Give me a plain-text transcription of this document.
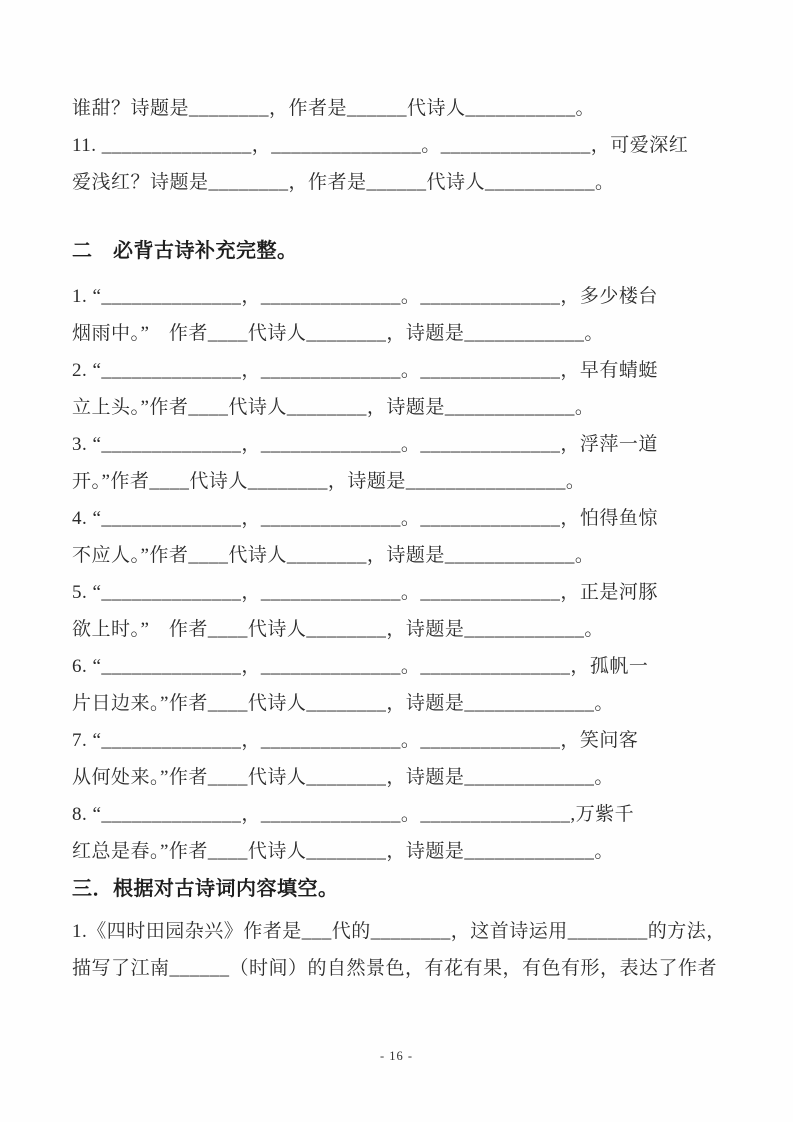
谁甜？诗题是________，作者是______代诗人___________。
11. _______________，_______________。_______________，可爱深红
爱浅红？诗题是________，作者是______代诗人___________。
二　必背古诗补充完整。
1. “______________，______________。______________，多少楼台
烟雨中。”　作者____代诗人________，诗题是____________。
2. “______________，______________。______________，早有蜻蜓
立上头。”作者____代诗人________，诗题是_____________。
3. “______________，______________。______________，浮萍一道
开。”作者____代诗人________，诗题是________________。
4. “______________，______________。______________，怕得鱼惊
不应人。”作者____代诗人________，诗题是_____________。
5. “______________，______________。______________，正是河豚
欲上时。”　作者____代诗人________，诗题是____________。
6. “______________，______________。_______________，孤帆一
片日边来。”作者____代诗人________，诗题是_____________。
7. “______________，______________。______________，笑问客
从何处来。”作者____代诗人________，诗题是_____________。
8. “______________，______________。_______________,万紫千
红总是春。”作者____代诗人________，诗题是_____________。
三．根据对古诗词内容填空。
1.《四时田园杂兴》作者是___代的________，这首诗运用________的方法，
描写了江南______（时间）的自然景色，有花有果，有色有形，表达了作者
- 16 -
